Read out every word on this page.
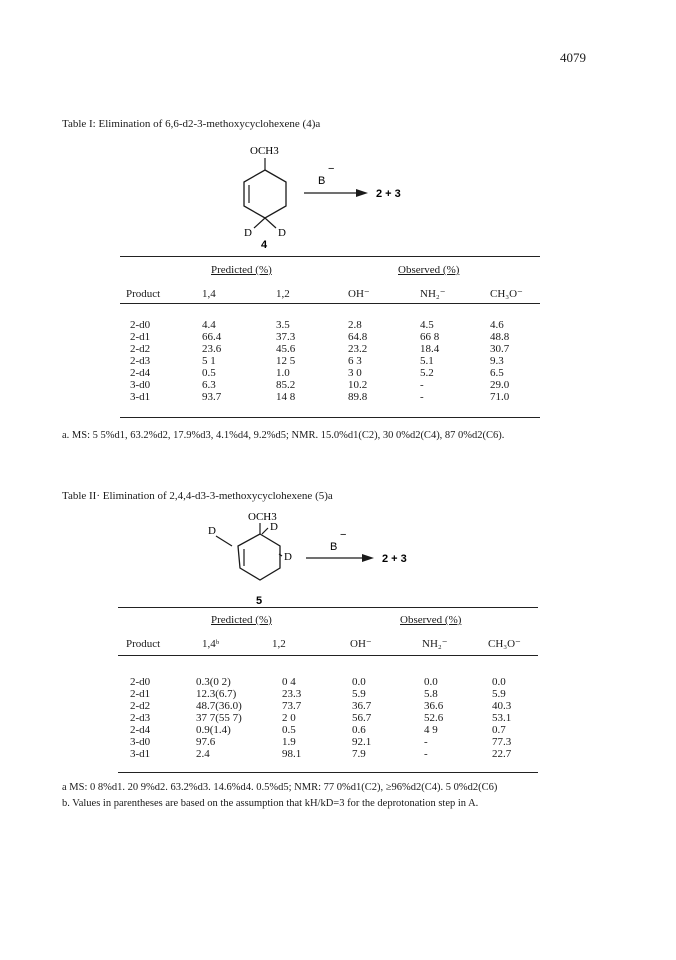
4079
Table I: Elimination of 6,6-d2-3-methoxycyclohexene (4)a
OCH3
D D
4
B
−
2 + 3
Predicted (%)	Observed (%)
Product	1,4	1,2	OH⁻	NH₂⁻	CH₃O⁻
2-d0	4.4	3.5	2.8	4.5	4.6
2-d1	66.4	37.3	64.8	66 8	48.8
2-d2	23.6	45.6	23.2	18.4	30.7
2-d3	5 1	12 5	6 3	5.1	9.3
2-d4	0.5	1.0	3 0	5.2	6.5
3-d0	6.3	85.2	10.2	-	29.0
3-d1	93.7	14 8	89.8	-	71.0
a. MS: 5 5%d1, 63.2%d2, 17.9%d3, 4.1%d4, 9.2%d5; NMR. 15.0%d1(C2), 30 0%d2(C4), 87 0%d2(C6).
Table II· Elimination of 2,4,4-d3-3-methoxycyclohexene (5)a
OCH3
D
D
D
5
B
−
2 + 3
Predicted (%)	Observed (%)
Product	1,4ᵇ	1,2	OH⁻	NH₂⁻	CH₃O⁻
2-d0	0.3(0 2)	0 4	0.0	0.0	0.0
2-d1	12.3(6.7)	23.3	5.9	5.8	5.9
2-d2	48.7(36.0)	73.7	36.7	36.6	40.3
2-d3	37 7(55 7)	2 0	56.7	52.6	53.1
2-d4	0.9(1.4)	0.5	0.6	4 9	0.7
3-d0	97.6	1.9	92.1	-	77.3
3-d1	2.4	98.1	7.9	-	22.7
a MS: 0 8%d1. 20 9%d2. 63.2%d3. 14.6%d4. 0.5%d5; NMR: 77 0%d1(C2), ≥96%d2(C4). 5 0%d2(C6)
b. Values in parentheses are based on the assumption that kH/kD=3 for the deprotonation step in A.
